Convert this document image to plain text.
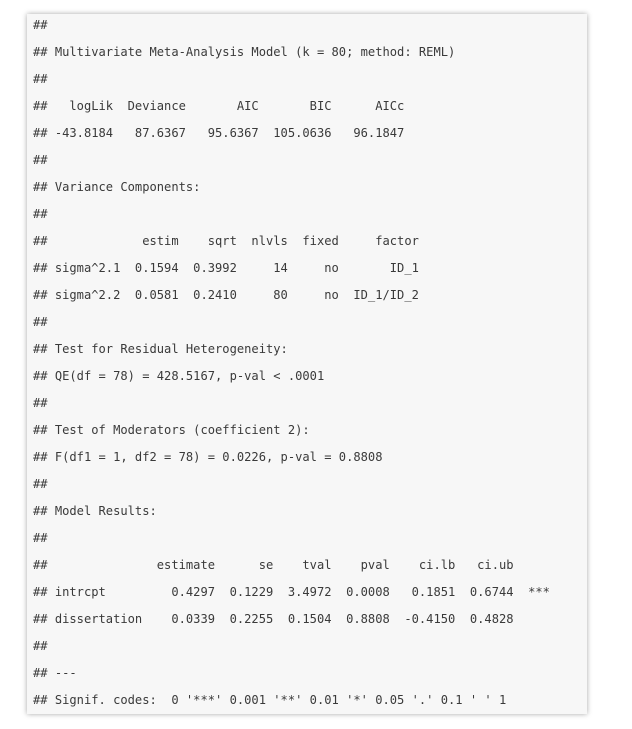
##
## Multivariate Meta-Analysis Model (k = 80; method: REML)
##
##   logLik  Deviance       AIC       BIC      AICc
## -43.8184   87.6367   95.6367  105.0636   96.1847
##
## Variance Components:
##
##             estim    sqrt  nlvls  fixed     factor
## sigma^2.1  0.1594  0.3992     14     no       ID_1
## sigma^2.2  0.0581  0.2410     80     no  ID_1/ID_2
##
## Test for Residual Heterogeneity:
## QE(df = 78) = 428.5167, p-val < .0001
##
## Test of Moderators (coefficient 2):
## F(df1 = 1, df2 = 78) = 0.0226, p-val = 0.8808
##
## Model Results:
##
##               estimate      se    tval    pval    ci.lb   ci.ub
## intrcpt         0.4297  0.1229  3.4972  0.0008   0.1851  0.6744  ***
## dissertation    0.0339  0.2255  0.1504  0.8808  -0.4150  0.4828
##
## ---
## Signif. codes:  0 '***' 0.001 '**' 0.01 '*' 0.05 '.' 0.1 ' ' 1
